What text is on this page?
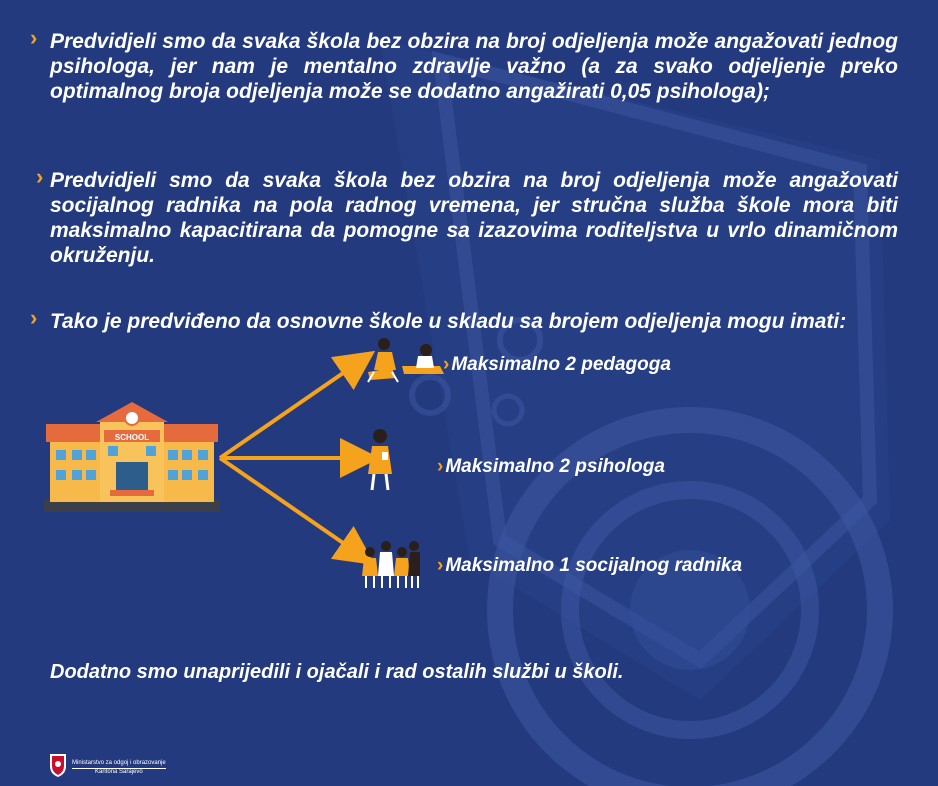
› Predvidjeli smo da svaka škola bez obzira na broj odjeljenja može angažovati jednog psihologa, jer nam je mentalno zdravlje važno (a za svako odjeljenje preko optimalnog broja odjeljenja može se dodatno angažirati 0,05 psihologa);
› Predvidjeli smo da svaka škola bez obzira na broj odjeljenja može angažovati socijalnog radnika na pola radnog vremena, jer stručna služba škole mora biti maksimalno kapacitirana da pomogne sa izazovima roditeljstva u vrlo dinamičnom okruženju.
› Tako je predviđeno da osnovne škole u skladu sa brojem odjeljenja mogu imati:
SCHOOL
› Maksimalno 2 pedagoga
› Maksimalno 2 psihologa
› Maksimalno 1 socijalnog radnika
Dodatno smo unaprijedili i ojačali i rad ostalih službi u školi.
Ministarstvo za odgoj i obrazovanje
Kantona Sarajevo
